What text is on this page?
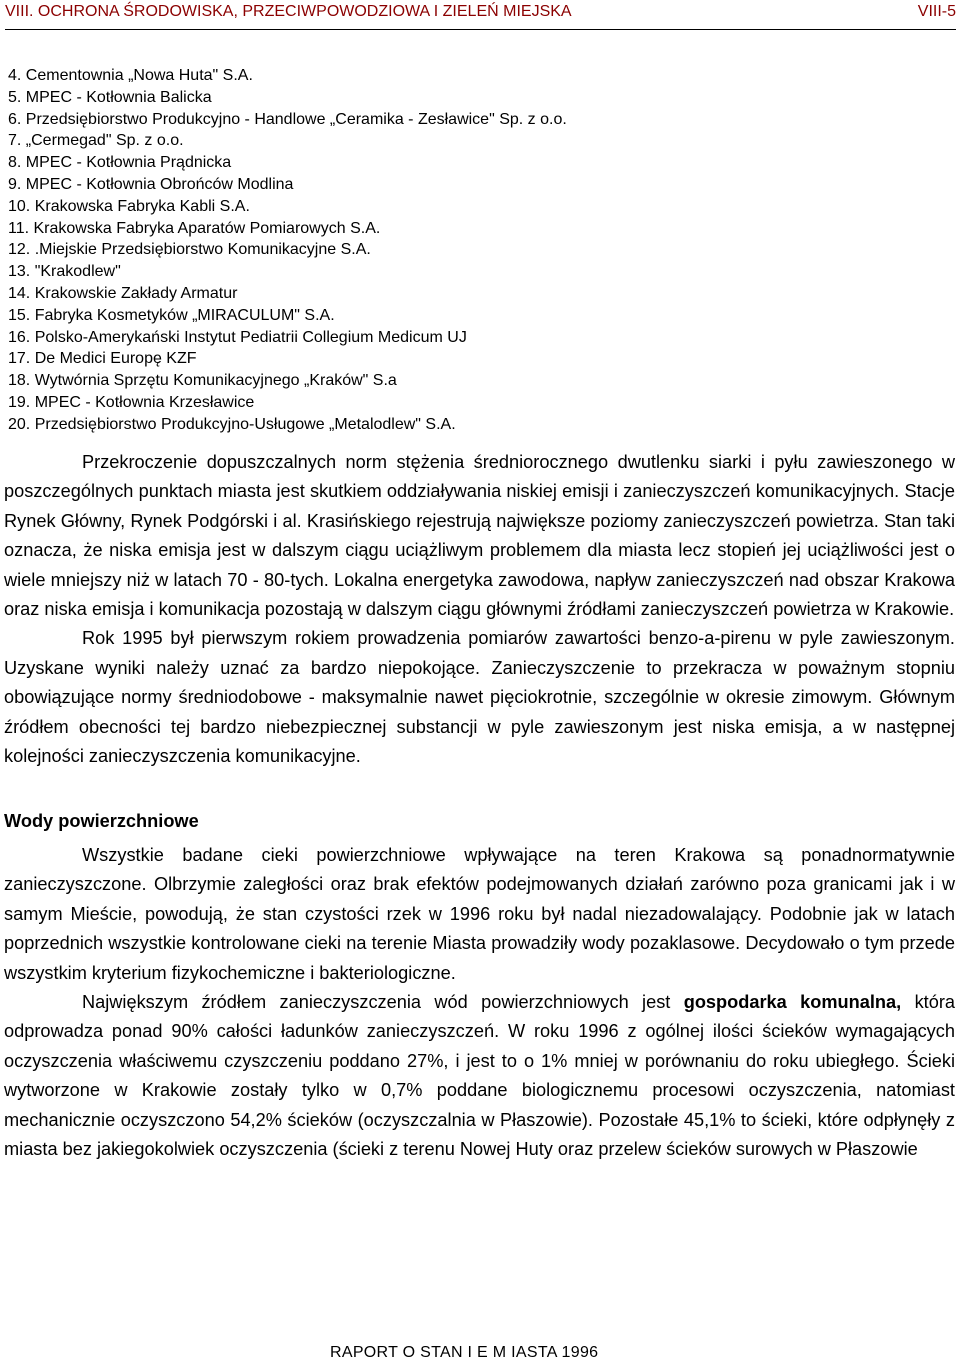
VIII. OCHRONA ŚRODOWISKA, PRZECIWPOWODZIOWA I ZIELEŃ MIEJSKA	VIII-5
4. Cementownia „Nowa Huta" S.A.
5. MPEC - Kotłownia Balicka
6. Przedsiębiorstwo Produkcyjno - Handlowe „Ceramika - Zesławice" Sp. z o.o.
7. „Cermegad" Sp. z o.o.
8. MPEC - Kotłownia Prądnicka
9. MPEC - Kotłownia Obrońców Modlina
10. Krakowska Fabryka Kabli S.A.
11. Krakowska Fabryka Aparatów Pomiarowych S.A.
12. .Miejskie Przedsiębiorstwo Komunikacyjne S.A.
13. "Krakodlew"
14. Krakowskie Zakłady Armatur
15. Fabryka Kosmetyków „MIRACULUM" S.A.
16. Polsko-Amerykański Instytut Pediatrii Collegium Medicum UJ
17. De Medici Europę KZF
18. Wytwórnia Sprzętu Komunikacyjnego „Kraków" S.a
19. MPEC - Kotłownia Krzesławice
20. Przedsiębiorstwo Produkcyjno-Usługowe „Metalodlew" S.A.

Przekroczenie dopuszczalnych norm stężenia średniorocznego dwutlenku siarki i pyłu zawieszonego w poszczególnych punktach miasta jest skutkiem oddziaływania niskiej emisji i zanieczyszczeń komunikacyjnych. Stacje Rynek Główny, Rynek Podgórski i al. Krasińskiego rejestrują największe poziomy zanieczyszczeń powietrza. Stan taki oznacza, że niska emisja jest w dalszym ciągu uciążliwym problemem dla miasta lecz stopień jej uciążliwości jest o wiele mniejszy niż w latach 70 - 80-tych. Lokalna energetyka zawodowa, napływ zanieczyszczeń nad obszar Krakowa oraz niska emisja i komunikacja pozostają w dalszym ciągu głównymi źródłami zanieczyszczeń powietrza w Krakowie.

Rok 1995 był pierwszym rokiem prowadzenia pomiarów zawartości benzo-a-pirenu w pyle zawieszonym. Uzyskane wyniki należy uznać za bardzo niepokojące. Zanieczyszczenie to przekracza w poważnym stopniu obowiązujące normy średniodobowe - maksymalnie nawet pięciokrotnie, szczególnie w okresie zimowym. Głównym źródłem obecności tej bardzo niebezpiecznej substancji w pyle zawieszonym jest niska emisja, a w następnej kolejności zanieczyszczenia komunikacyjne.

Wody powierzchniowe

Wszystkie badane cieki powierzchniowe wpływające na teren Krakowa są ponadnormatywnie zanieczyszczone. Olbrzymie zaległości oraz brak efektów podejmowanych działań zarówno poza granicami jak i w samym Mieście, powodują, że stan czystości rzek w 1996 roku był nadal niezadowalający. Podobnie jak w latach poprzednich wszystkie kontrolowane cieki na terenie Miasta prowadziły wody pozaklasowe. Decydowało o tym przede wszystkim kryterium fizykochemiczne i bakteriologiczne.

Największym źródłem zanieczyszczenia wód powierzchniowych jest gospodarka komunalna, która odprowadza ponad 90% całości ładunków zanieczyszczeń. W roku 1996 z ogólnej ilości ścieków wymagających oczyszczenia właściwemu czyszczeniu poddano 27%, i jest to o 1% mniej w porównaniu do roku ubiegłego. Ścieki wytworzone w Krakowie zostały tylko w 0,7% poddane biologicznemu procesowi oczyszczenia, natomiast mechanicznie oczyszczono 54,2% ścieków (oczyszczalnia w Płaszowie). Pozostałe 45,1% to ścieki, które odpłynęły z miasta bez jakiegokolwiek oczyszczenia (ścieki z terenu Nowej Huty oraz przelew ścieków surowych w Płaszowie

RAPORT O STAN I E M IASTA 1996
